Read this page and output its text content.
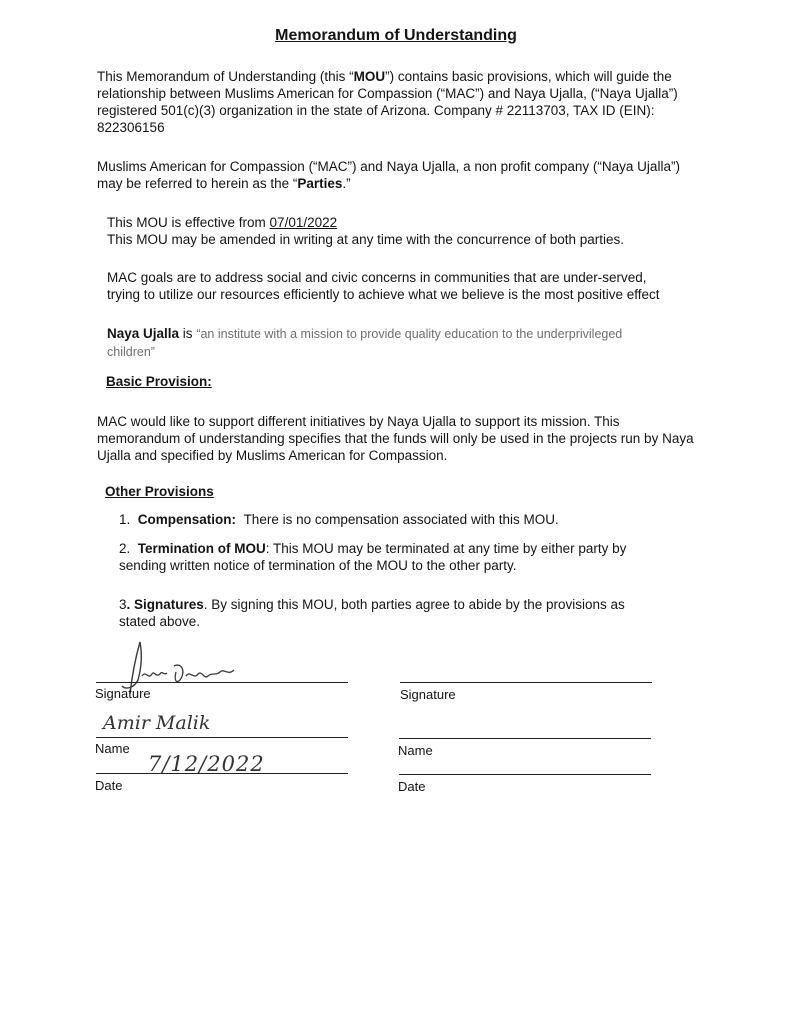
Memorandum of Understanding

This Memorandum of Understanding (this “MOU”) contains basic provisions, which will guide the relationship between Muslims American for Compassion (“MAC”) and Naya Ujalla, (“Naya Ujalla”) registered 501(c)(3) organization in the state of Arizona. Company # 22113703, TAX ID (EIN): 822306156

Muslims American for Compassion (“MAC”) and Naya Ujalla, a non profit company (“Naya Ujalla”) may be referred to herein as the “Parties.”

This MOU is effective from 07/01/2022
This MOU may be amended in writing at any time with the concurrence of both parties.

MAC goals are to address social and civic concerns in communities that are under-served, trying to utilize our resources efficiently to achieve what we believe is the most positive effect

Naya Ujalla is “an institute with a mission to provide quality education to the underprivileged children”

Basic Provision:

MAC would like to support different initiatives by Naya Ujalla to support its mission. This memorandum of understanding specifies that the funds will only be used in the projects run by Naya Ujalla and specified by Muslims American for Compassion.

Other Provisions
1. Compensation: There is no compensation associated with this MOU.
2. Termination of MOU: This MOU may be terminated at any time by either party by sending written notice of termination of the MOU to the other party.
3. Signatures. By signing this MOU, both parties agree to abide by the provisions as stated above.
Signature
Amir Malik
Name
7/12/2022
Date
Signature
Name
Date
